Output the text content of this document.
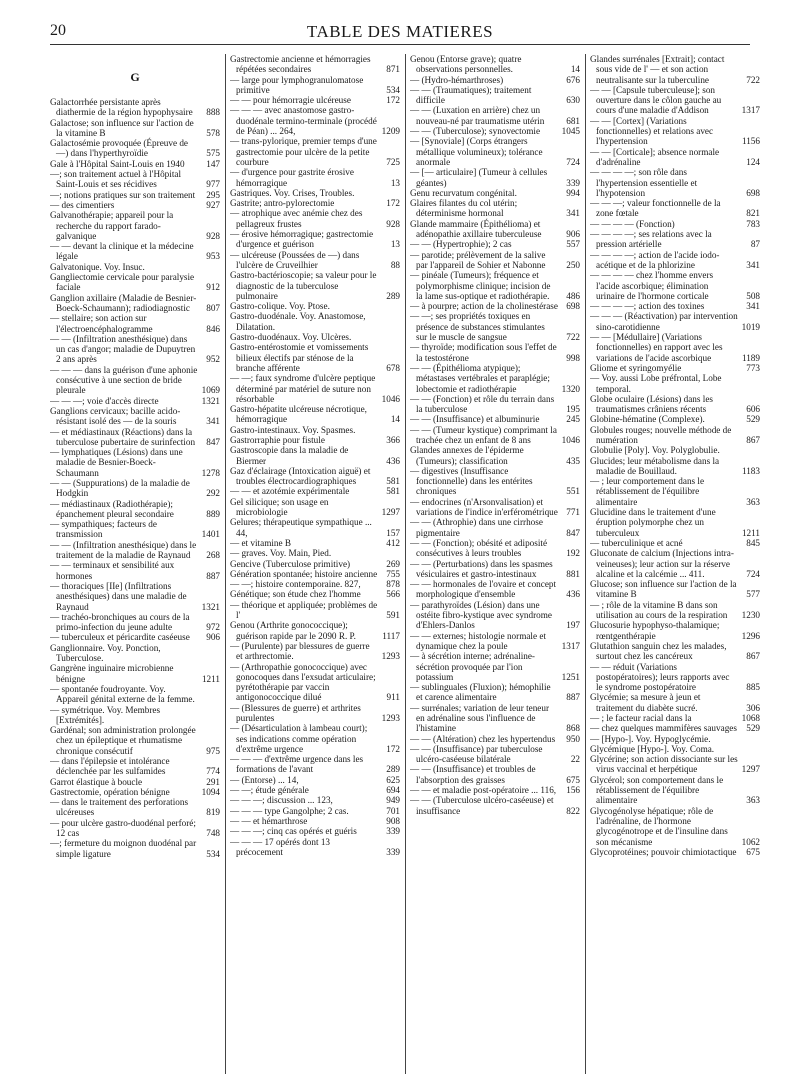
20	TABLE DES MATIERES
G
Galactorrhée persistante après diathermie de la région hypophysaire 888
Galactose; son influence sur l'action de la vitamine B	578
Galactosémie provoquée (Épreuve de —) dans l'hyperthyroïdie	575
Gale à l'Hôpital Saint-Louis en 1940 147
—; son traitement actuel à l'Hôpital Saint-Louis et ses récidives	977
—; notions pratiques sur son traitement 295
— des cimentiers	927
Galvanothérapie; appareil pour la recherche du rapport farado-galvanique	928
— — devant la clinique et la médecine légale	953
Galvatonique. Voy. Insuc.
Gangliectomie cervicale pour paralysie faciale	912
Ganglion axillaire (Maladie de Besnier-Boeck-Schaumann); radiodiagnostic 807
— stellaire; son action sur l'électroencéphalogramme	846
— — (Infiltration anesthésique) dans un cas d'angor; maladie de Dupuytren 2 ans après	952
— — — dans la guérison d'une aphonie consécutive à une section de bride pleurale	1069
— — —; voie d'accès directe	1321
Ganglions cervicaux; bacille acido-résistant isolé des — de la souris	341
— et médiastinaux (Réactions) dans la tuberculose pubertaire de surinfection 847
— lymphatiques (Lésions) dans une maladie de Besnier-Boeck-Schaumann	1278
— — (Suppurations) de la maladie de Hodgkin	292
— médiastinaux (Radiothérapie); épanchement pleural secondaire	889
— sympathiques; facteurs de transmission	1401
— — (Infiltration anesthésique) dans le traitement de la maladie de Raynaud 268
— — terminaux et sensibilité aux hormones	887
— thoraciques [IIe] (Infiltrations anesthésiques) dans une maladie de Raynaud	1321
— trachéo-bronchiques au cours de la primo-infection du jeune adulte	972
— tuberculeux et péricardite caséeuse 906
Ganglionnaire. Voy. Ponction, Tuberculose.
Gangrène inguinaire microbienne bénigne	1211
— spontanée foudroyante. Voy. Appareil génital externe de la femme.
— symétrique. Voy. Membres [Extrémités].
Gardénal; son administration prolongée chez un épileptique et rhumatisme chronique consécutif	975
— dans l'épilepsie et intolérance déclenchée par les sulfamides	774
Garrot élastique à boucle	291
Gastrectomie, opération bénigne	1094
— dans le traitement des perforations ulcéreuses	819
— pour ulcère gastro-duodénal perforé; 12 cas	748
—; fermeture du moignon duodénal par simple ligature	534
Gastrectomie ancienne et hémorragies répétées secondaires	871
— large pour lymphogranulomatose primitive	534
— — pour hémorragie ulcéreuse	172
— — — avec anastomose gastro-duodénale termino-terminale (procédé de Péan) ... 264,	1209
— trans-pylorique, premier temps d'une gastrectomie pour ulcère de la petite courbure	725
— d'urgence pour gastrite érosive hémorragique	13
Gastriques. Voy. Crises, Troubles.
Gastrite; antro-pylorectomie	172
— atrophique avec anémie chez des pellagreux frustes	928
— érosive hémorragique; gastrectomie d'urgence et guérison	13
— ulcéreuse (Poussées de —) dans l'ulcère de Cruveilhier	88
Gastro-bactérioscopie; sa valeur pour le diagnostic de la tuberculose pulmonaire	289
Gastro-colique. Voy. Ptose.
Gastro-duodénale. Voy. Anastomose, Dilatation.
Gastro-duodénaux. Voy. Ulcères.
Gastro-entérostomie et vomissements bilieux électifs par sténose de la branche afférente	678
— —; faux syndrome d'ulcère peptique déterminé par matériel de suture non résorbable	1046
Gastro-hépatite ulcéreuse nécrotique, hémorragique	14
Gastro-intestinaux. Voy. Spasmes.
Gastrorraphie pour fistule	366
Gastroscopie dans la maladie de Biermer	436
Gaz d'éclairage (Intoxication aiguë) et troubles électrocardiographiques	581
— — et azotémie expérimentale	581
Gel silicique; son usage en microbiologie	1297
Gelures; thérapeutique sympathique ... 44,	157
— et vitamine B	412
— graves. Voy. Main, Pied.
Gencive (Tuberculose primitive)	269
Génération spontanée; histoire ancienne 755
— —; histoire contemporaine. 827,	878
Génétique; son étude chez l'homme	566
— théorique et appliquée; problèmes de l'	591
Genou (Arthrite gonococcique); guérison rapide par le 2090 R. P.	1117
— (Purulente) par blessures de guerre et arthrectomie.	1293
— (Arthropathie gonococcique) avec gonocoques dans l'exsudat articulaire; pyrétothérapie par vaccin antigonococcique dilué	911
— (Blessures de guerre) et arthrites purulentes	1293
— (Désarticulation à lambeau court); ses indications comme opération d'extrême urgence	172
— — — d'extrême urgence dans les formations de l'avant	289
— (Entorse) ... 14,	625
— —; étude générale	694
— — —; discussion ... 123,	949
— — — type Gangolphe; 2 cas.	701
— — et hémarthrose	908
— — —; cinq cas opérés et guéris	339
— — — 17 opérés dont 13 précocement	339
Genou (Entorse grave); quatre observations personnelles.	14
— (Hydro-hémarthroses)	676
— — (Traumatiques); traitement difficile	630
— — (Luxation en arrière) chez un nouveau-né par traumatisme utérin 681
— — (Tuberculose); synovectomie 1045
— [Synoviale] (Corps étrangers métallique volumineux); tolérance anormale	724
— [— articulaire] (Tumeur à cellules géantes)	339
Genu recurvatum congénital.	994
Glaires filantes du col utérin; déterminisme hormonal	341
Glande mammaire (Épithélioma) et adénopathie axillaire tuberculeuse	906
— — (Hypertrophie); 2 cas	557
— parotide; prélèvement de la salive par l'appareil de Sohier et Nabonne 250
— pinéale (Tumeurs); fréquence et polymorphisme clinique; incision de la lame sus-optique et radiothérapie. 486
— à pourpre; action de la cholinestérase 698
— —; ses propriétés toxiques en présence de substances stimulantes sur le muscle de sangsue	722
— thyroïde; modification sous l'effet de la testostérone	998
— — (Épithélioma atypique); métastases vertébrales et paraplégie; lobectomie et radiothérapie	1320
— — (Fonction) et rôle du terrain dans la tuberculose	195
— — (Insuffisance) et albuminurie	245
— — (Tumeur kystique) comprimant la trachée chez un enfant de 8 ans	1046
Glandes annexes de l'épiderme (Tumeurs); classification	435
— digestives (Insuffisance fonctionnelle) dans les entérites chroniques	551
— endocrines (n'Arsonvalisation) et variations de l'indice in'erférométrique 771
— — (Athrophie) dans une cirrhose pigmentaire	847
— — (Fonction); obésité et adiposité consécutives à leurs troubles	192
— — (Perturbations) dans les spasmes vésiculaires et gastro-intestinaux	881
— — hormonales de l'ovaire et concept morphologique d'ensemble	436
— parathyroïdes (Lésion) dans une ostéite fibro-kystique avec syndrome d'Ehlers-Danlos	197
— — externes; histologie normale et dynamique chez la poule	1317
— à sécrétion interne; adrénaline-sécrétion provoquée par l'ion potassium	1251
— sublinguales (Fluxion); hémophilie et carence alimentaire	887
— surrénales; variation de leur teneur en adrénaline sous l'influence de l'histamine	868
— — (Altération) chez les hypertendus 950
— — (Insuffisance) par tuberculose ulcéro-caséeuse bilatérale	22
— — (Insuffisance) et troubles de l'absorption des graisses	675
— — et maladie post-opératoire ... 116, 156
— — (Tuberculose ulcéro-caséeuse) et insuffisance	822
Glandes surrénales [Extrait]; contact sous vide de l' — et son action neutralisante sur la tuberculine	722
— — [Capsule tuberculeuse]; son ouverture dans le côlon gauche au cours d'une maladie d'Addison	1317
— — [Cortex] (Variations fonctionnelles) et relations avec l'hypertension	1156
— — [Corticale]; absence normale d'adrénaline	124
— — — —; son rôle dans l'hypertension essentielle et l'hypotension	698
— — —; valeur fonctionnelle de la zone fœtale	821
— — — — (Fonction)	783
— — — —; ses relations avec la pression artérielle	87
— — — —; action de l'acide iodo-acétique et de la phlorizine	341
— — — — chez l'homme envers l'acide ascorbique; élimination urinaire de l'hormone corticale	508
— — — —; action des toxines	341
— — — (Réactivation) par intervention sino-carotidienne	1019
— — [Médullaire] (Variations fonctionnelles) en rapport avec les variations de l'acide ascorbique	1189
Gliome et syringomyélie	773
— Voy. aussi Lobe préfrontal, Lobe temporal.
Globe oculaire (Lésions) dans les traumatismes crâniens récents	606
Globine-hématine (Complexe).	529
Globules rouges; nouvelle méthode de numération	867
Globulie [Poly]. Voy. Polyglobulie.
Glucides; leur métabolisme dans la maladie de Bouillaud.	1183
— ; leur comportement dans le rétablissement de l'équilibre alimentaire	363
Glucidine dans le traitement d'une éruption polymorphe chez un tuberculeux	1211
— tuberculinique et acné	845
Gluconate de calcium (Injections intra-veineuses); leur action sur la réserve alcaline et la calcémie ... 411.	724
Glucose; son influence sur l'action de la vitamine B	577
— ; rôle de la vitamine B dans son utilisation au cours de la respiration 1230
Glucosurie hypophyso-thalamique; rœntgenthérapie	1296
Glutathion sanguin chez les malades, surtout chez les cancéreux	867
— — réduit (Variations postopératoires); leurs rapports avec le syndrome postopératoire	885
Glycémie; sa mesure à jeun et traitement du diabète sucré.	306
— ; le facteur racial dans la	1068
— chez quelques mammifères sauvages 529
— [Hypo-]. Voy. Hypoglycémie.
Glycémique [Hypo-]. Voy. Coma.
Glycérine; son action dissociante sur les virus vaccinal et herpétique	1297
Glycérol; son comportement dans le rétablissement de l'équilibre alimentaire	363
Glycogénolyse hépatique; rôle de l'adrénaline, de l'hormone glycogénotrope et de l'insuline dans son mécanisme	1062
Glycoprotéines; pouvoir chimiotactique 675
